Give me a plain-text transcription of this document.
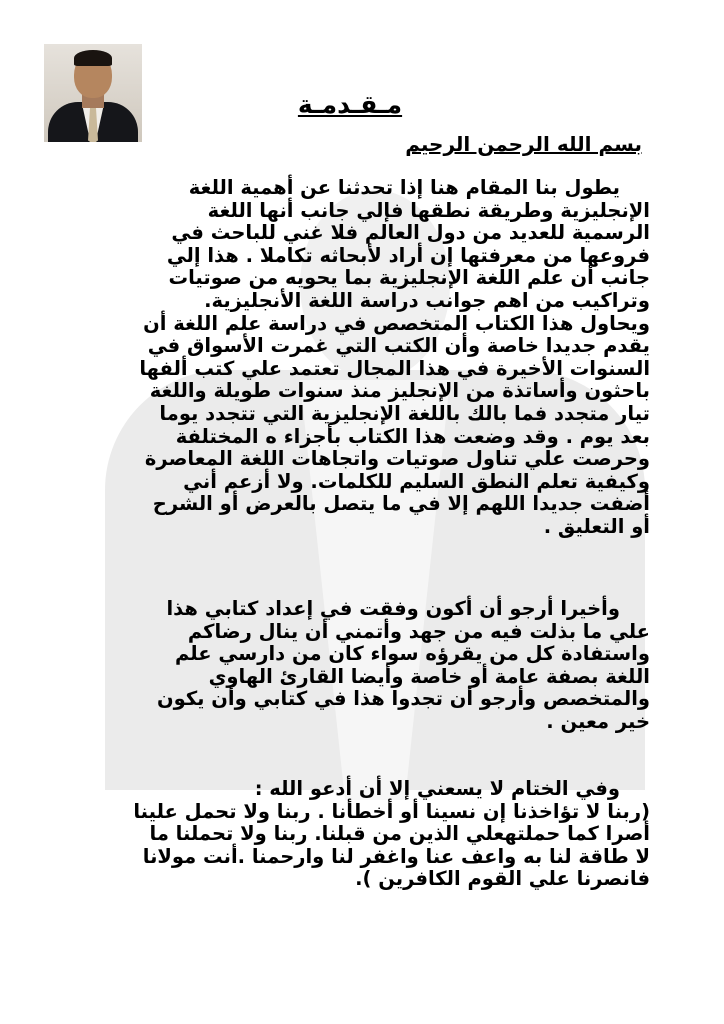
مـقـدمـة
بسم الله الرحمن الرحيم
يطول بنا المقام هنا إذا تحدثنا عن أهمية اللغة
الإنجليزية وطريقة نطقها فإلي جانب أنها اللغة
الرسمية للعديد من دول العالم فلا غني للباحث في
فروعها من معرفتها إن أراد لأبحاثه تكاملا . هذا إلي
جانب أن علم اللغة الإنجليزية بما يحويه من صوتيات
وتراكيب من اهم جوانب دراسة اللغة الأنجليزية.
ويحاول هذا الكتاب المتخصص في دراسة علم اللغة أن
يقدم جديدا خاصة وأن الكتب التي غمرت الأسواق في
السنوات الأخيرة في هذا المجال تعتمد علي كتب ألفها
باحثون وأساتذة من الإنجليز منذ سنوات طويلة واللغة
تيار متجدد فما بالك باللغة الإنجليزية التي تتجدد يوما
بعد يوم . وقد وضعت هذا الكتاب بأجزاء ه المختلفة
وحرصت علي تناول صوتيات واتجاهات اللغة المعاصرة
وكيفية تعلم النطق السليم للكلمات. ولا أزعم أني
أضفت جديدا اللهم إلا في ما يتصل بالعرض أو الشرح
أو التعليق .
وأخيرا أرجو أن أكون وفقت في إعداد كتابي هذا
علي ما بذلت فيه من جهد وأتمني أن ينال رضاكم
واستفادة كل من يقرؤه سواء كان من دارسي علم
اللغة بصفة عامة أو خاصة وأيضا القارئ الهاوي
والمتخصص وأرجو أن تجدوا هذا في كتابي وأن يكون
خير معين .
وفي الختام لا يسعني إلا أن أدعو الله :
(ربنا لا تؤاخذنا إن نسينا أو أخطأنا . ربنا ولا تحمل علينا
أصرا كما حملتهعلي الذين من قبلنا. ربنا ولا تحملنا ما
لا طاقة لنا به واعف عنا واغفر لنا وارحمنا .أنت مولانا
فانصرنا علي القوم الكافرين ).
